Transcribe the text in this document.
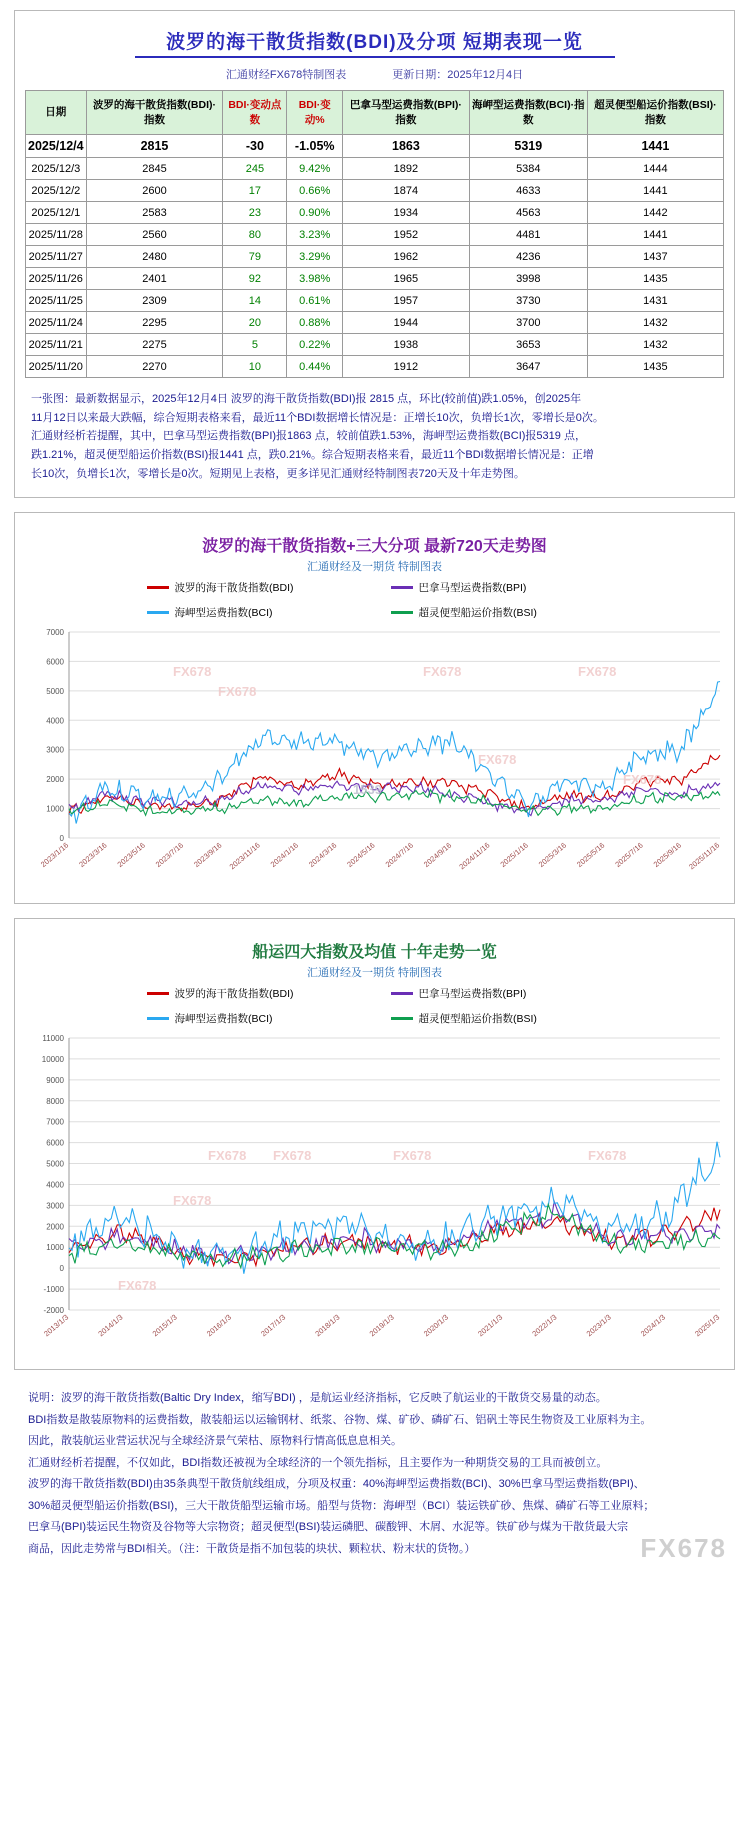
波罗的海干散货指数(BDI)及分项 短期表现一览
汇通财经FX678特制图表	更新日期：2025年12月4日
日期	波罗的海干散货指数(BDI)·指数	BDI·变动点数	BDI·变动%	巴拿马型运费指数(BPI)·指数	海岬型运费指数(BCI)·指数	超灵便型船运价指数(BSI)·指数
2025/12/4	2815	-30	-1.05%	1863	5319	1441
2025/12/3	2845	245	9.42%	1892	5384	1444
2025/12/2	2600	17	0.66%	1874	4633	1441
2025/12/1	2583	23	0.90%	1934	4563	1442
2025/11/28	2560	80	3.23%	1952	4481	1441
2025/11/27	2480	79	3.29%	1962	4236	1437
2025/11/26	2401	92	3.98%	1965	3998	1435
2025/11/25	2309	14	0.61%	1957	3730	1431
2025/11/24	2295	20	0.88%	1944	3700	1432
2025/11/21	2275	5	0.22%	1938	3653	1432
2025/11/20	2270	10	0.44%	1912	3647	1435
一张图：最新数据显示，2025年12月4日 波罗的海干散货指数(BDI)报 2815 点，环比(较前值)跌1.05%，创2025年
11月12日以来最大跌幅，综合短期表格来看，最近11个BDI数据增长情况是：正增长10次，负增长1次，零增长是0次。
汇通财经析若提醒，其中，巴拿马型运费指数(BPI)报1863 点，较前值跌1.53%，海岬型运费指数(BCI)报5319 点，
跌1.21%，超灵便型船运价指数(BSI)报1441 点，跌0.21%。综合短期表格来看，最近11个BDI数据增长情况是：正增
长10次，负增长1次，零增长是0次。短期见上表格，更多详见汇通财经特制图表720天及十年走势图。
波罗的海干散货指数+三大分项 最新720天走势图
汇通财经及一期货 特制图表
波罗的海干散货指数(BDI)	巴拿马型运费指数(BPI)
海岬型运费指数(BCI)	超灵便型船运价指数(BSI)
0
1000
2000
3000
4000
5000
6000
7000
2023/1/16 2023/3/16 2023/5/16 2023/7/16 2023/9/16 2023/11/16 2024/1/16 2024/3/16 2024/5/16 2024/7/16 2024/9/16 2024/11/16 2025/1/16 2025/3/16 2025/5/16 2025/7/16 2025/9/16 2025/11/16
FX678
FX678
FX678	FX678
FX678
1539
FX678
船运四大指数及均值 十年走势一览
汇通财经及一期货 特制图表
波罗的海干散货指数(BDI)	巴拿马型运费指数(BPI)
海岬型运费指数(BCI)	超灵便型船运价指数(BSI)
-2000
-1000
0
1000
2000
3000
4000
5000
6000
7000
8000
9000
10000
11000
2013/1/3	2014/1/3	2015/1/3	2016/1/3	2017/1/3	2018/1/3	2019/1/3	2020/1/3	2021/1/3	2022/1/3	2023/1/3	2024/1/3	2025/1/3
FX678
FX678
FX678	FX678	FX678
FX678

说明：波罗的海干散货指数(Baltic Dry Index，缩写BDI) ，是航运业经济指标，它反映了航运业的干散货交易量的动态。

BDI指数是散装原物料的运费指数，散装船运以运输钢材、纸浆、谷物、煤、矿砂、磷矿石、铝矾土等民生物资及工业原料为主。

因此，散装航运业营运状况与全球经济景气荣枯、原物料行情高低息息相关。

汇通财经析若提醒，不仅如此，BDI指数还被视为全球经济的一个领先指标，且主要作为一种期货交易的工具而被创立。

波罗的海干散货指数(BDI)由35条典型干散货航线组成，分项及权重：40%海岬型运费指数(BCI)、30%巴拿马型运费指数(BPI)、

30%超灵便型船运价指数(BSI)，三大干散货船型运输市场。船型与货物：海岬型（BCI）装运铁矿砂、焦煤、磷矿石等工业原料；

巴拿马(BPI)装运民生物资及谷物等大宗物资；超灵便型(BSI)装运磷肥、碳酸钾、木屑、水泥等。铁矿砂与煤为干散货最大宗

商品，因此走势常与BDI相关。（注：干散货是指不加包装的块状、颗粒状、粉末状的货物。）	FX678
